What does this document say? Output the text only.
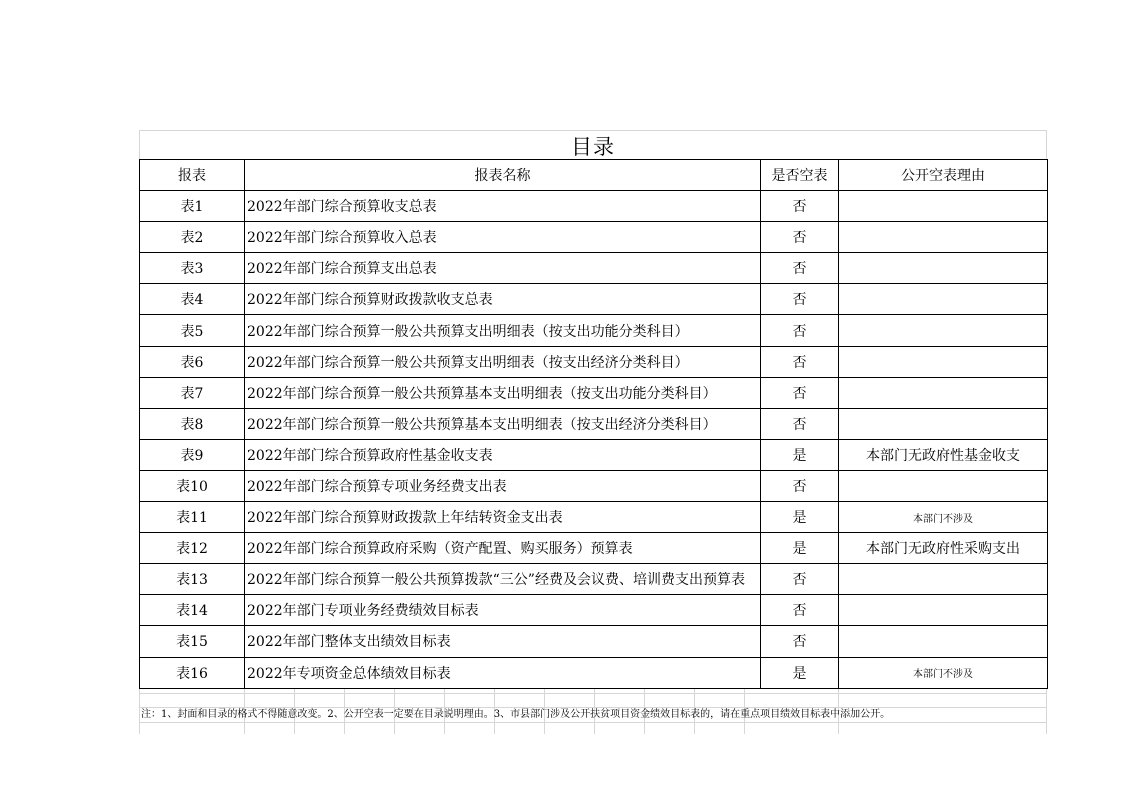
目录
报表	报表名称	是否空表	公开空表理由
表1	2022年部门综合预算收支总表	否	
表2	2022年部门综合预算收入总表	否	
表3	2022年部门综合预算支出总表	否	
表4	2022年部门综合预算财政拨款收支总表	否	
表5	2022年部门综合预算一般公共预算支出明细表（按支出功能分类科目）	否	
表6	2022年部门综合预算一般公共预算支出明细表（按支出经济分类科目）	否	
表7	2022年部门综合预算一般公共预算基本支出明细表（按支出功能分类科目）	否	
表8	2022年部门综合预算一般公共预算基本支出明细表（按支出经济分类科目）	否	
表9	2022年部门综合预算政府性基金收支表	是	本部门无政府性基金收支
表10	2022年部门综合预算专项业务经费支出表	否	
表11	2022年部门综合预算财政拨款上年结转资金支出表	是	本部门不涉及
表12	2022年部门综合预算政府采购（资产配置、购买服务）预算表	是	本部门无政府性采购支出
表13	2022年部门综合预算一般公共预算拨款“三公”经费及会议费、培训费支出预算表	否	
表14	2022年部门专项业务经费绩效目标表	否	
表15	2022年部门整体支出绩效目标表	否	
表16	2022年专项资金总体绩效目标表	是	本部门不涉及
注：1、封面和目录的格式不得随意改变。2、公开空表一定要在目录说明理由。3、市县部门涉及公开扶贫项目资金绩效目标表的，请在重点项目绩效目标表中添加公开。
